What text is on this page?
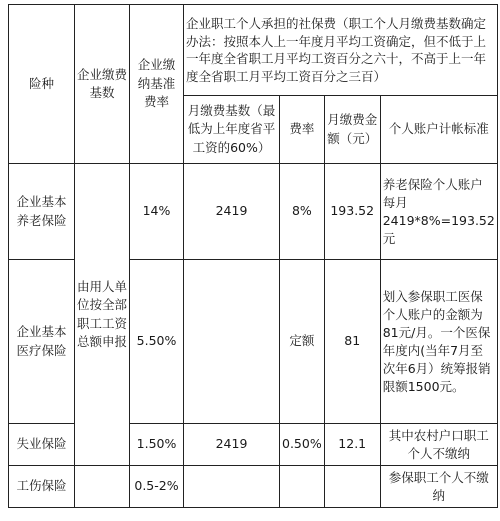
险种	企业缴费基数	企业缴纳基准费率	企业职工个人承担的社保费（职工个人月缴费基数确定办法：按照本人上一年度月平均工资确定，但不低于上一年度全省职工月平均工资百分之六十，不高于上一年度全省职工月平均工资百分之三百）			
			月缴费基数（最低为上年度省平工资的60%）	费率	月缴费金额（元）	个人账户计帐标准
企业基本养老保险	由用人单位按全部职工工资总额申报	14%	2419	8%	193.52	养老保险个人账户每月2419*8%=193.52元
企业基本医疗保险		5.50%		定额	81	划入参保职工医保个人账户的金额为81元/月。一个医保年度内(当年7月至次年6月）统筹报销限额1500元。
失业保险		1.50%	2419	0.50%	12.1	其中农村户口职工个人不缴纳
工伤保险		0.5-2%				参保职工个人不缴纳
